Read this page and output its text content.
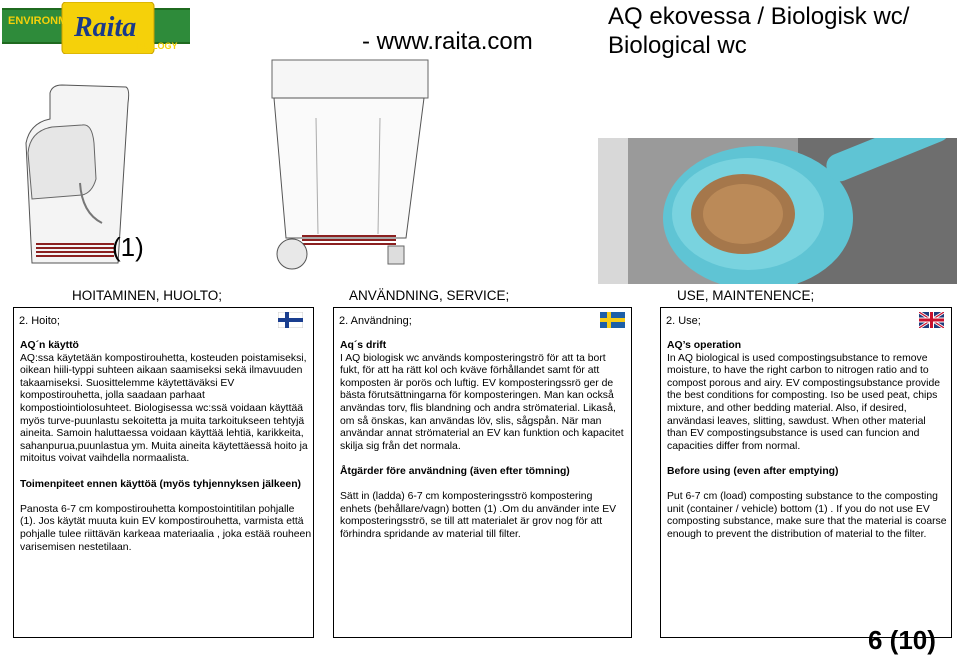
ENVIRONMENT
Raita
TECHNOLOGY	- www.raita.com
AQ ekovessa / Biologisk wc/ Biological wc
(1)
HOITAMINEN, HUOLTO;	ANVÄNDNING, SERVICE;	USE, MAINTENENCE;
2. Hoito;

AQ´n käyttö
AQ:ssa käytetään kompostirouhetta, kosteuden poistamiseksi, oikean hiili-typpi suhteen aikaan saamiseksi sekä ilmavuuden takaamiseksi. Suosittelemme käytettäväksi EV kompostirouhetta, jolla saadaan parhaat kompostiointiolosuhteet. Biologisessa wc:ssä voidaan käyttää myös turve-puunlastu sekoitetta ja muita tarkoitukseen tehtyjä aineita. Samoin haluttaessa voidaan käyttää lehtiä, karikkeita, sahanpurua,puunlastua ym. Muita aineita käytettäessä hoito ja mitoitus voivat vaihdella normaalista.

Toimenpiteet ennen käyttöä (myös tyhjennyksen jälkeen)

Panosta 6-7 cm kompostirouhetta kompostointitilan pohjalle (1). Jos käytät muuta kuin EV kompostirouhetta, varmista että pohjalle tulee riittävän karkeaa materiaalia , joka estää rouheen varisemisen nestetilaan.

2. Användning;

Aq´s drift
I AQ biologisk wc används komposteringströ för att ta bort fukt, för att ha rätt kol och kväve förhållandet samt för att komposten är porös och luftig. EV komposteringssrö ger de bästa förutsättningarna för komposteringen. Man kan också användas torv, flis blandning och andra strömaterial. Likaså, om så önskas, kan användas löv, slis, sågspån. När man användar annat strömaterial an EV kan funktion och kapacitet skilja sig från det normala.

Åtgärder före användning (även efter tömning)

Sätt in (ladda) 6-7 cm komposteringsströ kompostering enhets (behållare/vagn) botten (1) .Om du använder inte EV komposteringsströ, se till att materialet är grov nog för att förhindra spridande av material till filter.

2. Use;

AQ’s operation
In AQ biological is used compostingsubstance to remove moisture, to have the right carbon to nitrogen ratio and to compost porous and airy. EV compostingsubstance provide the best conditions for composting. Iso be used peat, chips mixture, and other bedding material. Also, if desired, användasi leaves, slitting, sawdust. When other material than EV compostingsubstance is used can funcion and capacities differ from normal.

Before using (even after emptying)

Put 6-7 cm (load) composting substance to the composting unit (container / vehicle) bottom (1) . If you do not use EV composting substance, make sure that the material is coarse enough to prevent the distribution of material to the filter.

6 (10)
